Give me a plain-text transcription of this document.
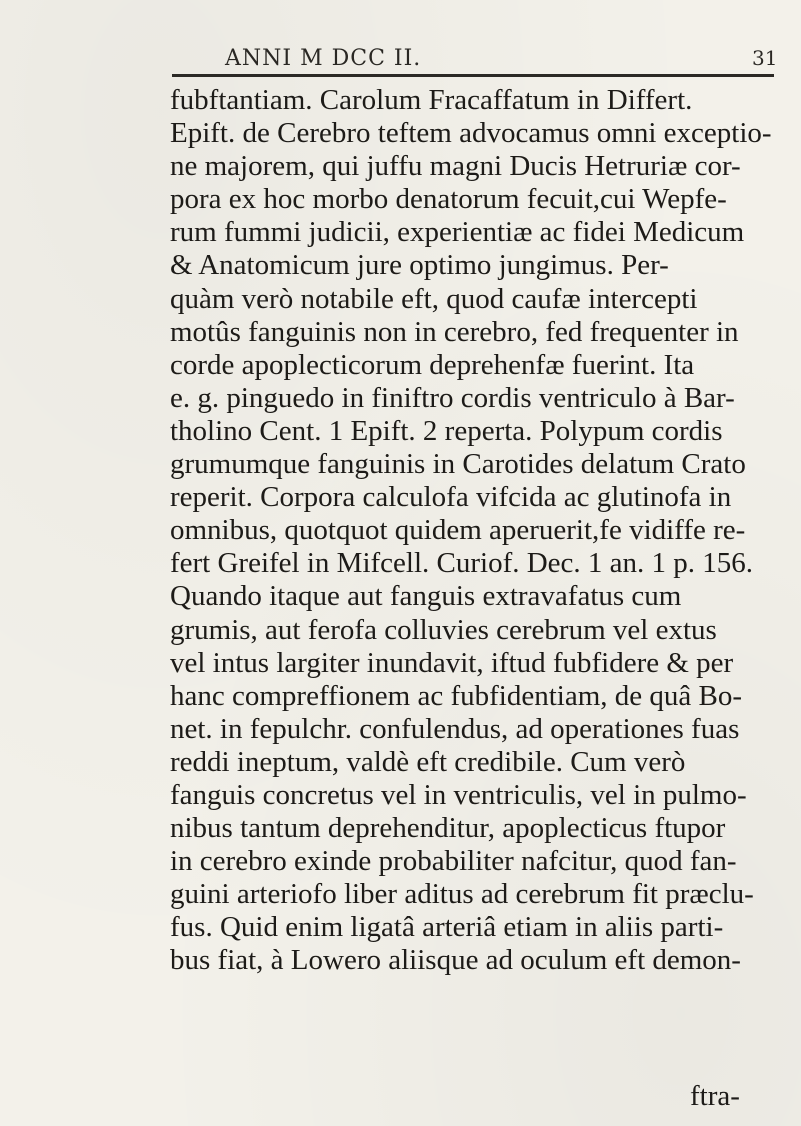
ANNI M DCC II.	31
fubftantiam. Carolum Fracaffatum in Differt.
Epift. de Cerebro teftem advocamus omni exceptio-
ne majorem, qui juffu magni Ducis Hetruriæ cor-
pora ex hoc morbo denatorum fecuit,cui Wepfe-
rum fummi judicii, experientiæ ac fidei Medicum
& Anatomicum jure optimo jungimus. Per-
quàm verò notabile eft, quod caufæ intercepti
motûs fanguinis non in cerebro, fed frequenter in
corde apoplecticorum deprehenfæ fuerint. Ita
e. g. pinguedo in finiftro cordis ventriculo à Bar-
tholino Cent. 1 Epift. 2 reperta. Polypum cordis
grumumque fanguinis in Carotides delatum Crato
reperit. Corpora calculofa vifcida ac glutinofa in
omnibus, quotquot quidem aperuerit,fe vidiffe re-
fert Greifel in Mifcell. Curiof. Dec. 1 an. 1 p. 156.
Quando itaque aut fanguis extravafatus cum
grumis, aut ferofa colluvies cerebrum vel extus
vel intus largiter inundavit, iftud fubfidere & per
hanc compreffionem ac fubfidentiam, de quâ Bo-
net. in fepulchr. confulendus, ad operationes fuas
reddi ineptum, valdè eft credibile. Cum verò
fanguis concretus vel in ventriculis, vel in pulmo-
nibus tantum deprehenditur, apoplecticus ftupor
in cerebro exinde probabiliter nafcitur, quod fan-
guini arteriofo liber aditus ad cerebrum fit præclu-
fus. Quid enim ligatâ arteriâ etiam in aliis parti-
bus fiat, à Lowero aliisque ad oculum eft demon-
ftra-
